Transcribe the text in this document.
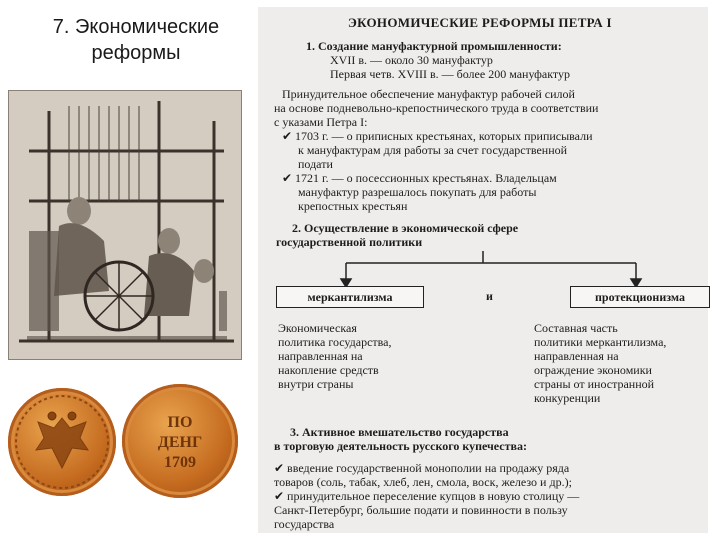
7. Экономические
реформы
ПО
ДЕНГ
1709
ЭКОНОМИЧЕСКИЕ РЕФОРМЫ ПЕТРА I
1. Создание мануфактурной промышленности:
XVII в. — около 30 мануфактур
Первая четв. XVIII в. — более 200 мануфактур
Принудительное обеспечение мануфактур рабочей силой
на основе подневольно-крепостнического труда в соответствии
с указами Петра I:
✔ 1703 г. — о приписных крестьянах, которых приписывали
к мануфактурам для работы за счет государственной
подати
✔ 1721 г. — о посессионных крестьянах. Владельцам
мануфактур разрешалось покупать для работы
крепостных крестьян
2. Осуществление в экономической сфере
государственной политики
меркантилизма	и	протекционизма
Экономическая
политика государства,
направленная на
накопление средств
внутри страны
Составная часть
политики меркантилизма,
направленная на
ограждение экономики
страны от иностранной
конкуренции
3. Активное вмешательство государства
в торговую деятельность русского купечества:
✔ введение государственной монополии на продажу ряда
товаров (соль, табак, хлеб, лен, смола, воск, железо и др.);
✔ принудительное переселение купцов в новую столицу —
Санкт-Петербург, большие подати и повинности в пользу
государства
